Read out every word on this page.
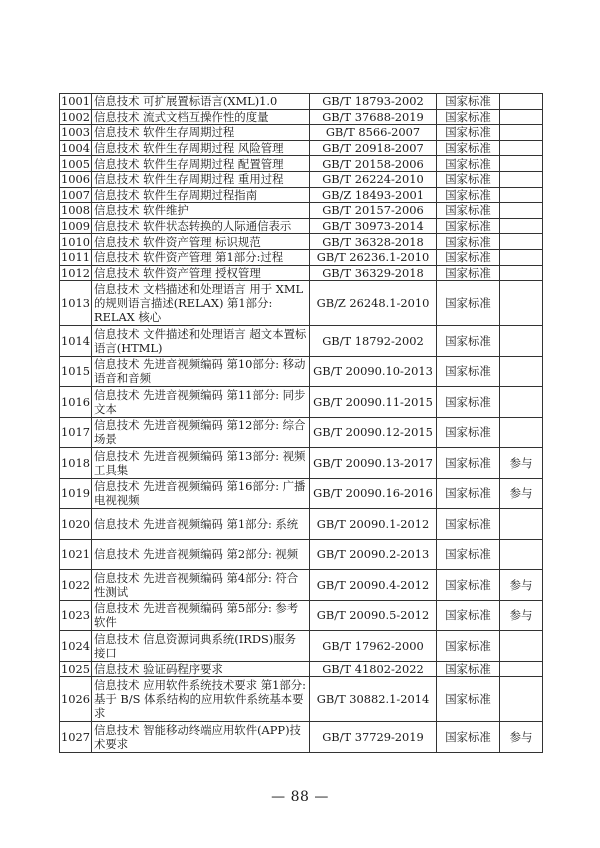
1001	信息技术 可扩展置标语言(XML)1.0	GB/T 18793-2002	国家标准	
1002	信息技术 流式文档互操作性的度量	GB/T 37688-2019	国家标准	
1003	信息技术 软件生存周期过程	GB/T 8566-2007	国家标准	
1004	信息技术 软件生存周期过程 风险管理	GB/T 20918-2007	国家标准	
1005	信息技术 软件生存周期过程 配置管理	GB/T 20158-2006	国家标准	
1006	信息技术 软件生存周期过程 重用过程	GB/T 26224-2010	国家标准	
1007	信息技术 软件生存周期过程指南	GB/Z 18493-2001	国家标准	
1008	信息技术 软件维护	GB/T 20157-2006	国家标准	
1009	信息技术 软件状态转换的人际通信表示	GB/T 30973-2014	国家标准	
1010	信息技术 软件资产管理 标识规范	GB/T 36328-2018	国家标准	
1011	信息技术 软件资产管理 第1部分:过程	GB/T 26236.1-2010	国家标准	
1012	信息技术 软件资产管理 授权管理	GB/T 36329-2018	国家标准	
1013	信息技术 文档描述和处理语言 用于 XML 的规则语言描述(RELAX) 第1部分: RELAX 核心	GB/Z 26248.1-2010	国家标准	
1014	信息技术 文件描述和处理语言 超文本置标语言(HTML)	GB/T 18792-2002	国家标准	
1015	信息技术 先进音视频编码 第10部分: 移动语音和音频	GB/T 20090.10-2013	国家标准	
1016	信息技术 先进音视频编码 第11部分: 同步文本	GB/T 20090.11-2015	国家标准	
1017	信息技术 先进音视频编码 第12部分: 综合场景	GB/T 20090.12-2015	国家标准	
1018	信息技术 先进音视频编码 第13部分: 视频工具集	GB/T 20090.13-2017	国家标准	参与
1019	信息技术 先进音视频编码 第16部分: 广播电视视频	GB/T 20090.16-2016	国家标准	参与
1020	信息技术 先进音视频编码 第1部分: 系统	GB/T 20090.1-2012	国家标准	
1021	信息技术 先进音视频编码 第2部分: 视频	GB/T 20090.2-2013	国家标准	
1022	信息技术 先进音视频编码 第4部分: 符合性测试	GB/T 20090.4-2012	国家标准	参与
1023	信息技术 先进音视频编码 第5部分: 参考软件	GB/T 20090.5-2012	国家标准	参与
1024	信息技术 信息资源词典系统(IRDS)服务接口	GB/T 17962-2000	国家标准	
1025	信息技术 验证码程序要求	GB/T 41802-2022	国家标准	
1026	信息技术 应用软件系统技术要求 第1部分: 基于 B/S 体系结构的应用软件系统基本要求	GB/T 30882.1-2014	国家标准	
1027	信息技术 智能移动终端应用软件(APP)技术要求	GB/T 37729-2019	国家标准	参与
— 88 —
